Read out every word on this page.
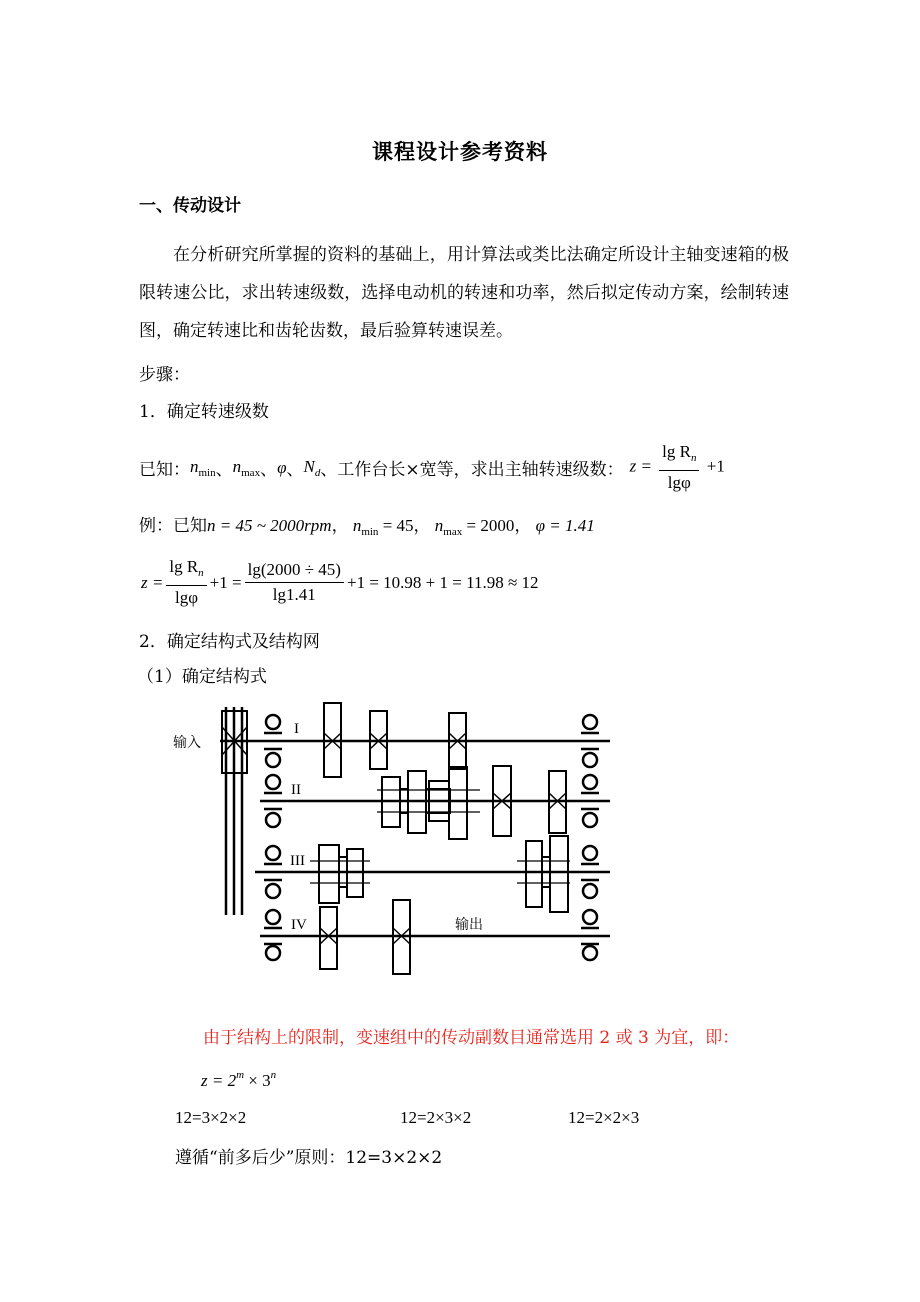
课程设计参考资料
一、传动设计
在分析研究所掌握的资料的基础上，用计算法或类比法确定所设计主轴变速箱的极限转速公比，求出转速级数，选择电动机的转速和功率，然后拟定传动方案，绘制转速图，确定转速比和齿轮齿数，最后验算转速误差。
步骤：
1．确定转速级数
已知： $n_{min}$ 、 $n_{max}$ 、 φ 、 $N_d$ 、工作台长×宽等，求出主轴转速级数： $z = \frac{\lg R_n}{\lg\varphi} +1$
例：已知n = 45 ~ 2000rpm， $n_{min} = 45$， $n_{max} = 2000$， φ = 1.41
$z = \frac{\lg R_n}{\lg\varphi} +1 = \frac{\lg(2000 \div 45)}{\lg 1.41} +1 = 10.98 + 1 = 11.98 \approx 12$
2．确定结构式及结构网
（1）确定结构式
I
II
III
IV
输入
输出
由于结构上的限制，变速组中的传动副数目通常选用 2 或 3 为宜，即：
$z = 2^m \times 3^n$
12=3×2×2	12=2×3×2	12=2×2×3
遵循“前多后少”原则：12=3×2×2
